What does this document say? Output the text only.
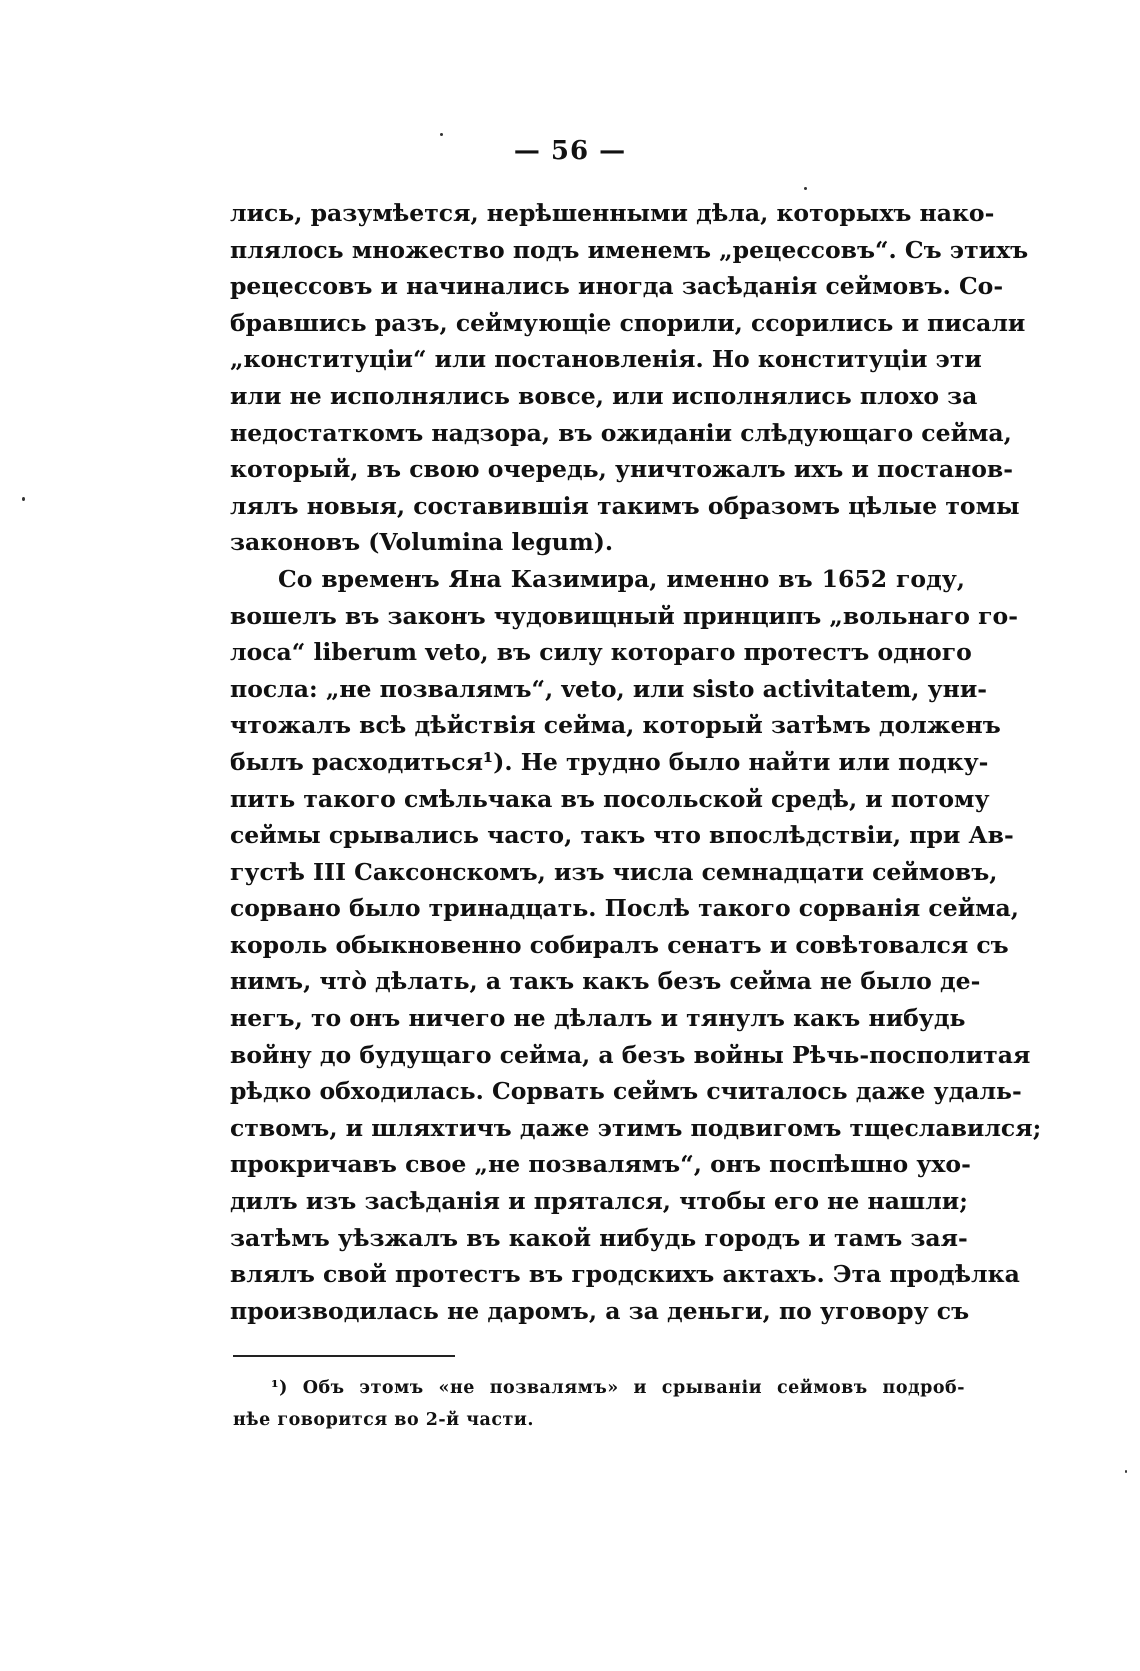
— 56 —
лись, разумѣется, нерѣшенными дѣла, которыхъ нако-
плялось множество подъ именемъ „рецессовъ“. Съ этихъ
рецессовъ и начинались иногда засѣданія сеймовъ. Со-
бравшись разъ, сеймующіе спорили, ссорились и писали
„конституціи“ или постановленія. Но конституціи эти
или не исполнялись вовсе, или исполнялись плохо за
недостаткомъ надзора, въ ожиданіи слѣдующаго сейма,
который, въ свою очередь, уничтожалъ ихъ и постанов-
лялъ новыя, составившія такимъ образомъ цѣлые томы
законовъ (Volumina legum).
Со временъ Яна Казимира, именно въ 1652 году,
вошелъ въ законъ чудовищный принципъ „вольнаго го-
лоса“ liberum veto, въ силу котораго протестъ одного
посла: „не позвалямъ“, veto, или sisto activitatem, уни-
чтожалъ всѣ дѣйствія сейма, который затѣмъ долженъ
былъ расходиться¹). Не трудно было найти или подку-
пить такого смѣльчака въ посольской средѣ, и потому
сеймы срывались часто, такъ что впослѣдствіи, при Ав-
густѣ III Саксонскомъ, изъ числа семнадцати сеймовъ,
сорвано было тринадцать. Послѣ такого сорванія сейма,
король обыкновенно собиралъ сенатъ и совѣтовался съ
нимъ, что̀ дѣлать, а такъ какъ безъ сейма не было де-
негъ, то онъ ничего не дѣлалъ и тянулъ какъ нибудь
войну до будущаго сейма, а безъ войны Рѣчь-посполитая
рѣдко обходилась. Сорвать сеймъ считалось даже удаль-
ствомъ, и шляхтичъ даже этимъ подвигомъ тщеславился;
прокричавъ свое „не позвалямъ“, онъ поспѣшно ухо-
дилъ изъ засѣданія и прятался, чтобы его не нашли;
затѣмъ уѣзжалъ въ какой нибудь городъ и тамъ зая-
влялъ свой протестъ въ гродскихъ актахъ. Эта продѣлка
производилась не даромъ, а за деньги, по уговору съ
¹) Объ этомъ «не позвалямъ» и срываніи сеймовъ подроб-
нѣе говорится во 2-й части.
